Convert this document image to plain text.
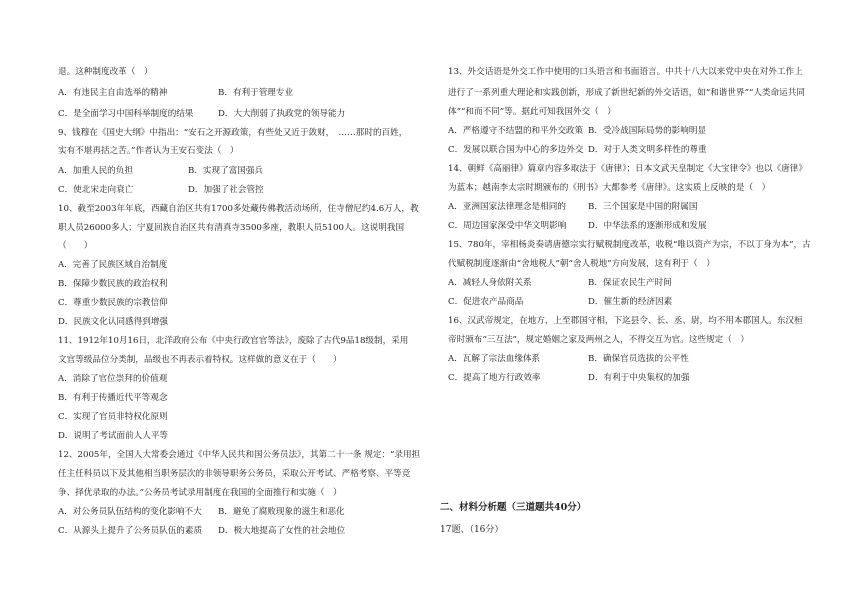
退。这种制度改革（　）
A．有违民主自由选举的精神	B．有利于管理专业
C．是全面学习中国科举制度的结果	D．大大削弱了执政党的领导能力
9、钱穆在《国史大纲》中指出：“安石之开源政策，有些处又近于敛财，　……那时的百姓，
实有不堪再括之苦。”作者认为王安石变法（　）
A．加重人民的负担	B．实现了富国强兵
C．使北宋走向衰亡	D．加强了社会管控
10、截至2003年年底，西藏自治区共有1700多处藏传佛教活动场所，住寺僧尼约4.6万人，教
职人员26000多人；宁夏回族自治区共有清真寺3500多座，教职人员5100人。这说明我国
（　　）
A．完善了民族区域自治制度
B．保障少数民族的政治权利
C．尊重少数民族的宗教信仰
D．民族文化认同感得到增强
11、1912年10月16日，北洋政府公布《中央行政官官等法》，废除了古代9品18级制，采用
文官等级品位分类制，品级也不再表示着特权。这样做的意义在于（　　）
A．消除了官位崇拜的价值观
B．有利于传播近代平等观念
C．实现了官员非特权化原则
D．说明了考试面前人人平等
12、2005年，全国人大常委会通过《中华人民共和国公务员法》，其第二十一条 规定：“录用担
任主任科员以下及其他相当职务层次的非领导职务公务员，采取公开考试、严格考察、平等竞
争、择优录取的办法。”公务员考试录用制度在我国的全面推行和实施（　）
A．对公务员队伍结构的变化影响不大 B．避免了腐败现象的滋生和恶化
C．从源头上提升了公务员队伍的素质 D．极大地提高了女性的社会地位
13、外交话语是外交工作中使用的口头语言和书面语言。中共十八大以来党中央在对外工作上
进行了一系列重大理论和实践创新，形成了新世纪新的外交话语，如“和谐世界”“人类命运共同
体”“和而不同”等。据此可知我国外交（　）
A．严格遵守不结盟的和平外交政策 B．受冷战国际局势的影响明显
C．发展以联合国为中心的多边外交 D．对于人类文明多样性的尊重
14、朝鲜《高丽律》篇章内容多取法于《唐律》；日本文武天皇制定《大宝律令》也以《唐律》
为蓝本；越南李太宗时期颁布的《刑书》大都参考《唐律》。这实质上反映的是（　）
A．亚洲国家法律理念是相同的	B．三个国家是中国的附属国
C．周边国家深受中华文明影响	D．中华法系的逐渐形成和发展
15、780年，宰相杨炎奏请唐德宗实行赋税制度改革，收税“唯以资产为宗，不以丁身为本”，古
代赋税制度逐渐由“舍地税人”朝“舍人税地”方向发展，这有利于（　）
A．减轻人身依附关系	B．保证农民生产时间
C．促进农产品商品	D．催生新的经济因素
16、汉武帝规定，在地方，上至郡国守相，下迄县令、长、丞、尉，均不用本郡国人。东汉桓
帝时颁布“三互法”，规定婚姻之家及两州之人，不得交互为官。这些规定（　）
A．瓦解了宗法血缘体系	B．确保官员选拔的公平性
C．提高了地方行政效率	D．有利于中央集权的加强
二、材料分析题（三道题共40分）
17题、（16分）
